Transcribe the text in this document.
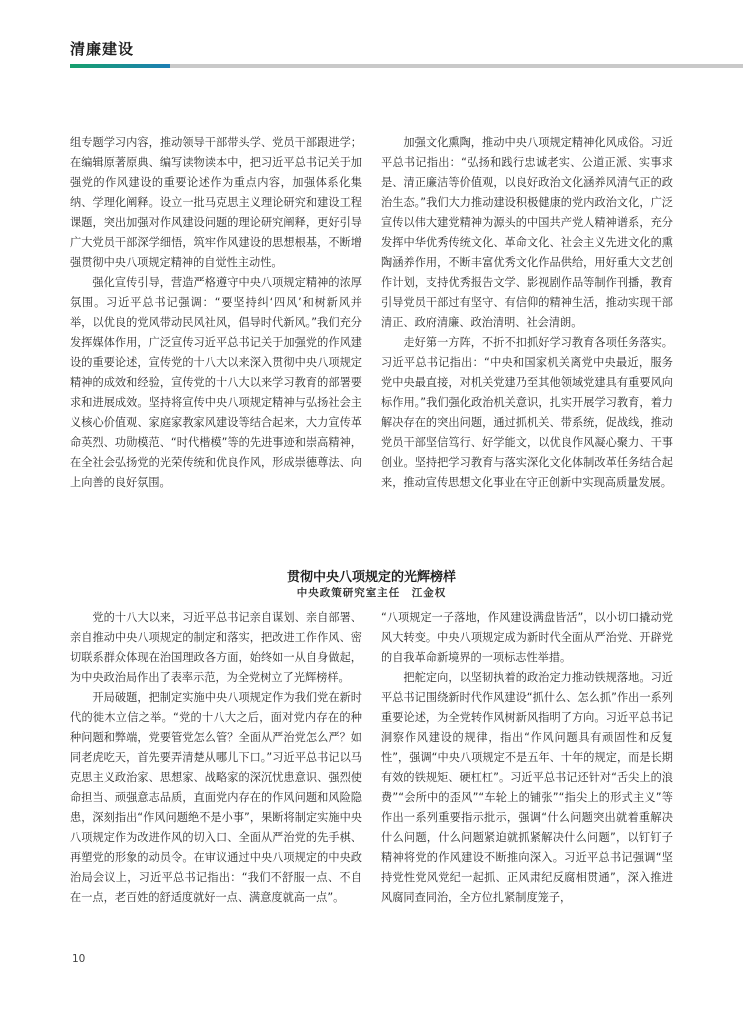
清廉建设

组专题学习内容，推动领导干部带头学、党员干部跟进学；在编辑原著原典、编写读物读本中，把习近平总书记关于加强党的作风建设的重要论述作为重点内容，加强体系化集纳、学理化阐释。设立一批马克思主义理论研究和建设工程课题，突出加强对作风建设问题的理论研究阐释，更好引导广大党员干部深学细悟，筑牢作风建设的思想根基，不断增强贯彻中央八项规定精神的自觉性主动性。

强化宣传引导，营造严格遵守中央八项规定精神的浓厚氛围。习近平总书记强调：“要坚持纠‘四风’和树新风并举，以优良的党风带动民风社风，倡导时代新风。”我们充分发挥媒体作用，广泛宣传习近平总书记关于加强党的作风建设的重要论述，宣传党的十八大以来深入贯彻中央八项规定精神的成效和经验，宣传党的十八大以来学习教育的部署要求和进展成效。坚持将宣传中央八项规定精神与弘扬社会主义核心价值观、家庭家教家风建设等结合起来，大力宣传革命英烈、功勋模范、“时代楷模”等的先进事迹和崇高精神，在全社会弘扬党的光荣传统和优良作风，形成崇德尊法、向上向善的良好氛围。

加强文化熏陶，推动中央八项规定精神化风成俗。习近平总书记指出：“弘扬和践行忠诚老实、公道正派、实事求是、清正廉洁等价值观，以良好政治文化涵养风清气正的政治生态。”我们大力推动建设积极健康的党内政治文化，广泛宣传以伟大建党精神为源头的中国共产党人精神谱系，充分发挥中华优秀传统文化、革命文化、社会主义先进文化的熏陶涵养作用，不断丰富优秀文化作品供给，用好重大文艺创作计划，支持优秀报告文学、影视剧作品等制作刊播，教育引导党员干部过有坚守、有信仰的精神生活，推动实现干部清正、政府清廉、政治清明、社会清朗。

走好第一方阵，不折不扣抓好学习教育各项任务落实。习近平总书记指出：“中央和国家机关离党中央最近，服务党中央最直接，对机关党建乃至其他领域党建具有重要风向标作用。”我们强化政治机关意识，扎实开展学习教育，着力解决存在的突出问题，通过抓机关、带系统，促战线，推动党员干部坚信笃行、好学能文，以优良作风凝心聚力、干事创业。坚持把学习教育与落实深化文化体制改革任务结合起来，推动宣传思想文化事业在守正创新中实现高质量发展。

贯彻中央八项规定的光辉榜样
中央政策研究室主任　江金权

党的十八大以来，习近平总书记亲自谋划、亲自部署、亲自推动中央八项规定的制定和落实，把改进工作作风、密切联系群众体现在治国理政各方面，始终如一从自身做起，为中央政治局作出了表率示范，为全党树立了光辉榜样。

开局破题，把制定实施中央八项规定作为我们党在新时代的徙木立信之举。“党的十八大之后，面对党内存在的种种问题和弊端，党要管党怎么管？全面从严治党怎么严？如同老虎吃天，首先要弄清楚从哪儿下口。”习近平总书记以马克思主义政治家、思想家、战略家的深沉忧患意识、强烈使命担当、顽强意志品质，直面党内存在的作风问题和风险隐患，深刻指出“作风问题绝不是小事”，果断将制定实施中央八项规定作为改进作风的切入口、全面从严治党的先手棋、再塑党的形象的动员令。在审议通过中央八项规定的中央政治局会议上，习近平总书记指出：“我们不舒服一点、不自在一点，老百姓的舒适度就好一点、满意度就高一点”。

“八项规定一子落地，作风建设满盘皆活”，以小切口撬动党风大转变。中央八项规定成为新时代全面从严治党、开辟党的自我革命新境界的一项标志性举措。

把舵定向，以坚韧执着的政治定力推动铁规落地。习近平总书记围绕新时代作风建设“抓什么、怎么抓”作出一系列重要论述，为全党转作风树新风指明了方向。习近平总书记洞察作风建设的规律，指出“作风问题具有顽固性和反复性”，强调“中央八项规定不是五年、十年的规定，而是长期有效的铁规矩、硬杠杠”。习近平总书记还针对“舌尖上的浪费”“会所中的歪风”“车轮上的铺张”“指尖上的形式主义”等作出一系列重要指示批示，强调“什么问题突出就着重解决什么问题，什么问题紧迫就抓紧解决什么问题”，以钉钉子精神将党的作风建设不断推向深入。习近平总书记强调“坚持党性党风党纪一起抓、正风肃纪反腐相贯通”，深入推进风腐同查同治，全方位扎紧制度笼子，

10
